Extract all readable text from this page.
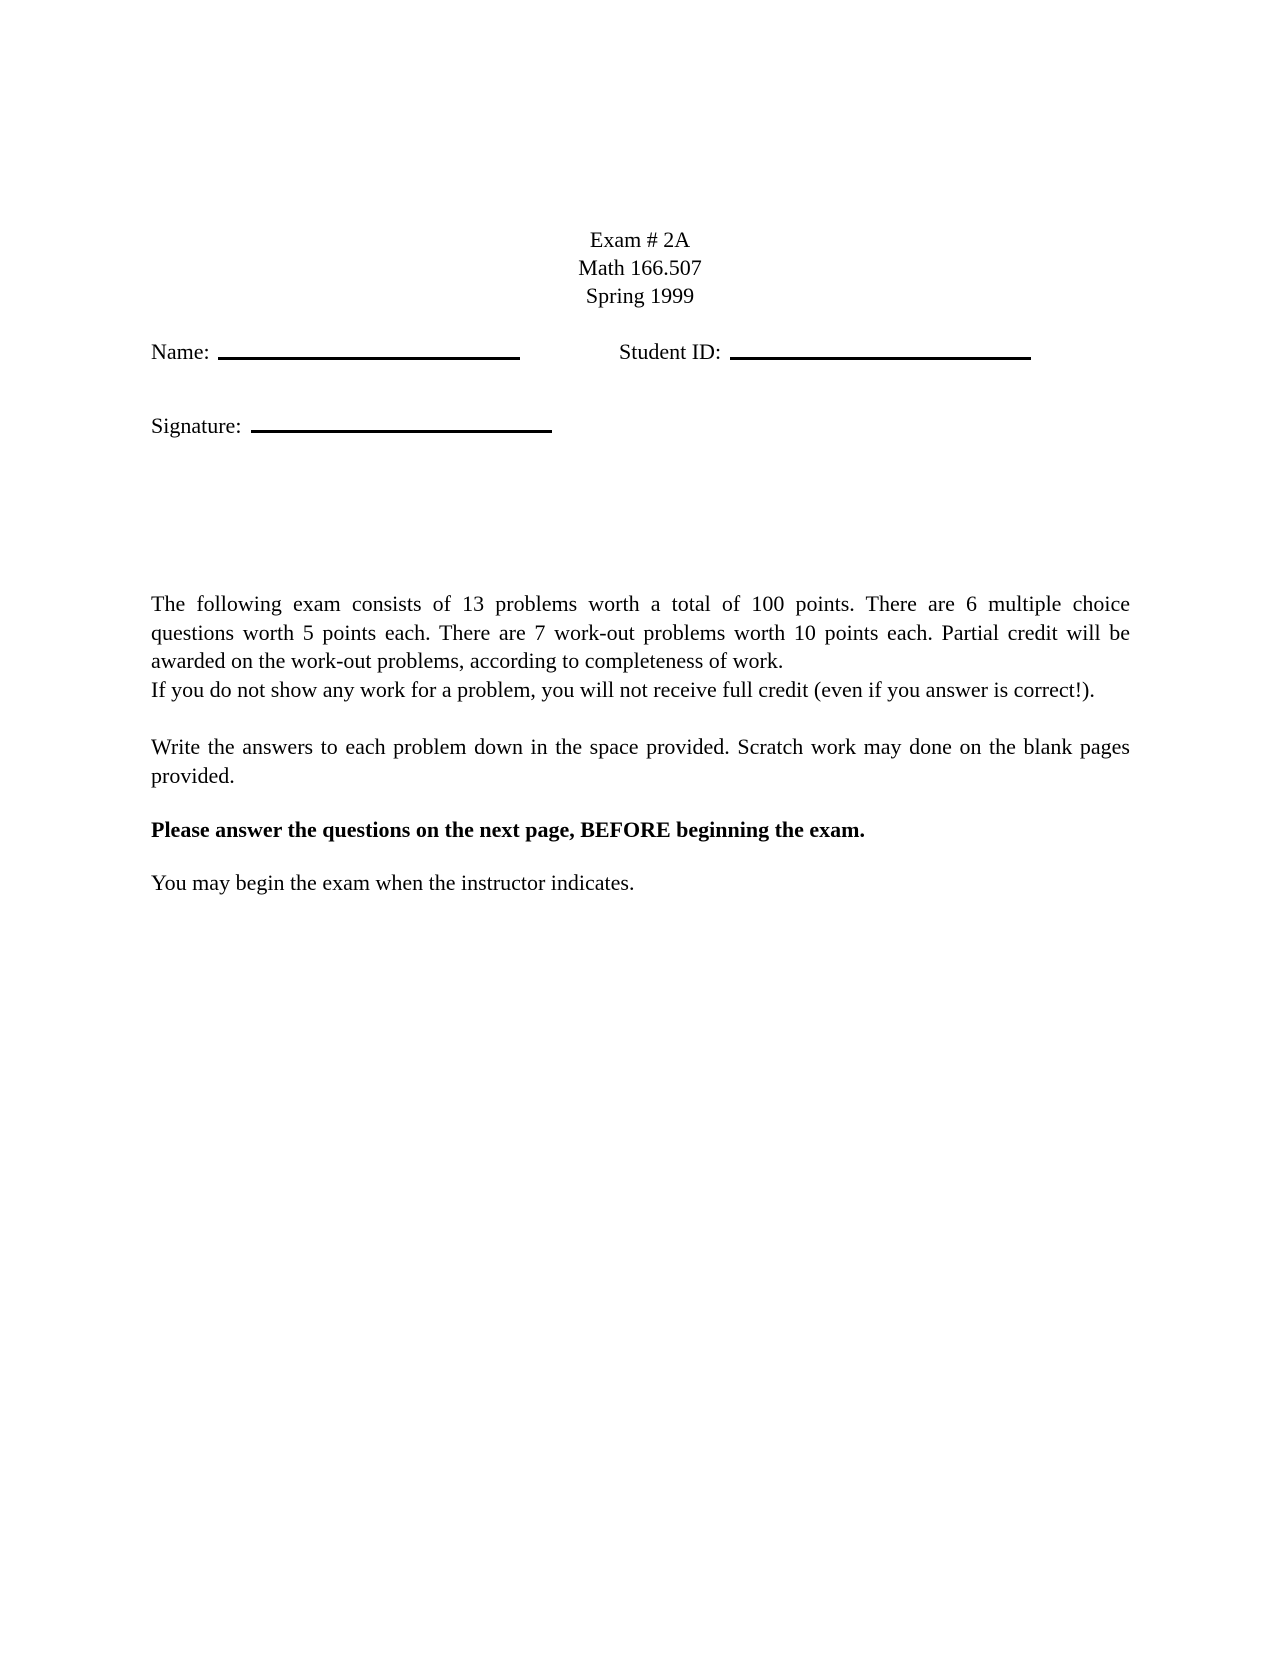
Exam # 2A
Math 166.507
Spring 1999
Name:	Student ID:
Signature:
The following exam consists of 13 problems worth a total of 100 points. There are 6 multiple choice
questions worth 5 points each. There are 7 work-out problems worth 10 points each. Partial credit will be
awarded on the work-out problems, according to completeness of work.
If you do not show any work for a problem, you will not receive full credit (even if you answer is correct!).
Write the answers to each problem down in the space provided. Scratch work may done on the blank pages
provided.
Please answer the questions on the next page, BEFORE beginning the exam.
You may begin the exam when the instructor indicates.
